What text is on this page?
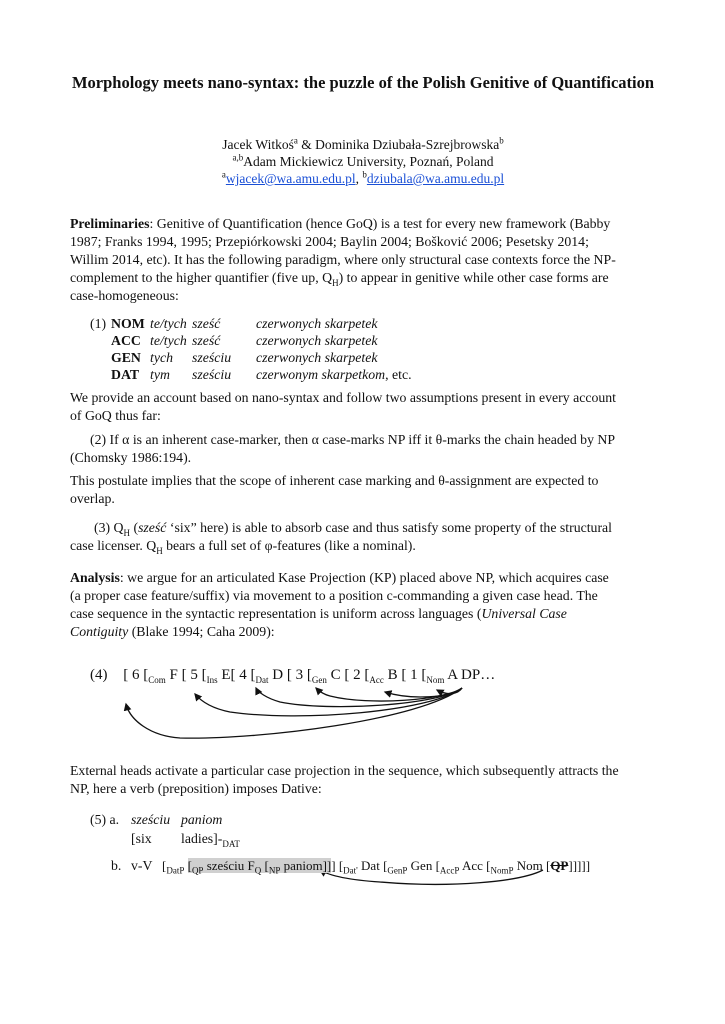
Morphology meets nano-syntax: the puzzle of the Polish Genitive of Quantification
Jacek Witkoś$^a$ & Dominika Dziubała-Szrejbrowska$^b$
$^{a,b}$Adam Mickiewicz University, Poznań, Poland
$^a$wjacek@wa.amu.edu.pl, $^b$dziubala@wa.amu.edu.pl
Preliminaries: Genitive of Quantification (hence GoQ) is a test for every new framework (Babby
1987; Franks 1994, 1995; Przepiórkowski 2004; Baylin 2004; Bošković 2006; Pesetsky 2014;
Willim 2014, etc). It has the following paradigm, where only structural case contexts force the NP-
complement to the higher quantifier (five up, $Q_H$) to appear in genitive while other case forms are
case-homogeneous:
(1) NOM te/tych sześć	czerwonych skarpetek
ACC te/tych sześć	czerwonych skarpetek
GEN tych sześciu czerwonych skarpetek
DAT tym sześciu czerwonym skarpetkom, etc.
We provide an account based on nano-syntax and follow two assumptions present in every account
of GoQ thus far:
(2) If α is an inherent case-marker, then α case-marks NP iff it θ-marks the chain headed by NP
(Chomsky 1986:194).
This postulate implies that the scope of inherent case marking and θ-assignment are expected to
overlap.
(3) $Q_H$ (sześć ‘six” here) is able to absorb case and thus satisfy some property of the structural
case licenser. $Q_H$ bears a full set of φ-features (like a nominal).
Analysis: we argue for an articulated Kase Projection (KP) placed above NP, which acquires case
(a proper case feature/suffix) via movement to a position c-commanding a given case head. The
case sequence in the syntactic representation is uniform across languages (Universal Case
Contiguity (Blake 1994; Caha 2009):
(4) [ 6 [$_{Com}$ F [ 5 [$_{Ins}$ E[ 4 [$_{Dat}$ D [ 3 [$_{Gen}$ C [ 2 [$_{Acc}$ B [ 1 [$_{Nom}$ A DP…
External heads activate a particular case projection in the sequence, which subsequently attracts the
NP, here a verb (preposition) imposes Dative:
(5) a. sześciu paniom
[six $ladies]-_{DAT}$
b. v-V [$_{DatP}$ [$_{QP}$ sześciu $F_Q$ [$_{NP}$ paniom]]] [$_{Dat'}$ Dat [$_{GenP}$ Gen [$_{AccP}$ Acc [$_{NomP}$ Nom [QP]]]]]
